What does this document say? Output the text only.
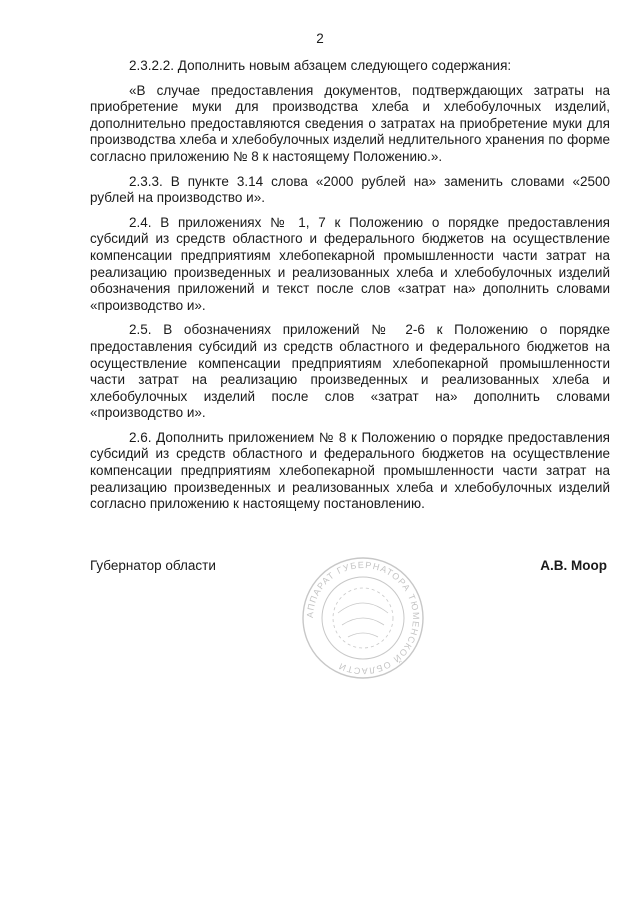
2

2.3.2.2. Дополнить новым абзацем следующего содержания:

«В случае предоставления документов, подтверждающих затраты на приобретение муки для производства хлеба и хлебобулочных изделий, дополнительно предоставляются сведения о затратах на приобретение муки для производства хлеба и хлебобулочных изделий недлительного хранения по форме согласно приложению № 8 к настоящему Положению.».

2.3.3. В пункте 3.14 слова «2000 рублей на» заменить словами «2500 рублей на производство и».

2.4. В приложениях № 1, 7 к Положению о порядке предоставления субсидий из средств областного и федерального бюджетов на осуществление компенсации предприятиям хлебопекарной промышленности части затрат на реализацию произведенных и реализованных хлеба и хлебобулочных изделий обозначения приложений и текст после слов «затрат на» дополнить словами «производство и».

2.5. В обозначениях приложений № 2-6 к Положению о порядке предоставления субсидий из средств областного и федерального бюджетов на осуществление компенсации предприятиям хлебопекарной промышленности части затрат на реализацию произведенных и реализованных хлеба и хлебобулочных изделий после слов «затрат на» дополнить словами «производство и».

2.6. Дополнить приложением № 8 к Положению о порядке предоставления субсидий из средств областного и федерального бюджетов на осуществление компенсации предприятиям хлебопекарной промышленности части затрат на реализацию произведенных и реализованных хлеба и хлебобулочных изделий согласно приложению к настоящему постановлению.

Губернатор области	А.В. Моор
АППАРАТ ГУБЕРНАТОРА ТЮМЕНСКОЙ ОБЛАСТИ
